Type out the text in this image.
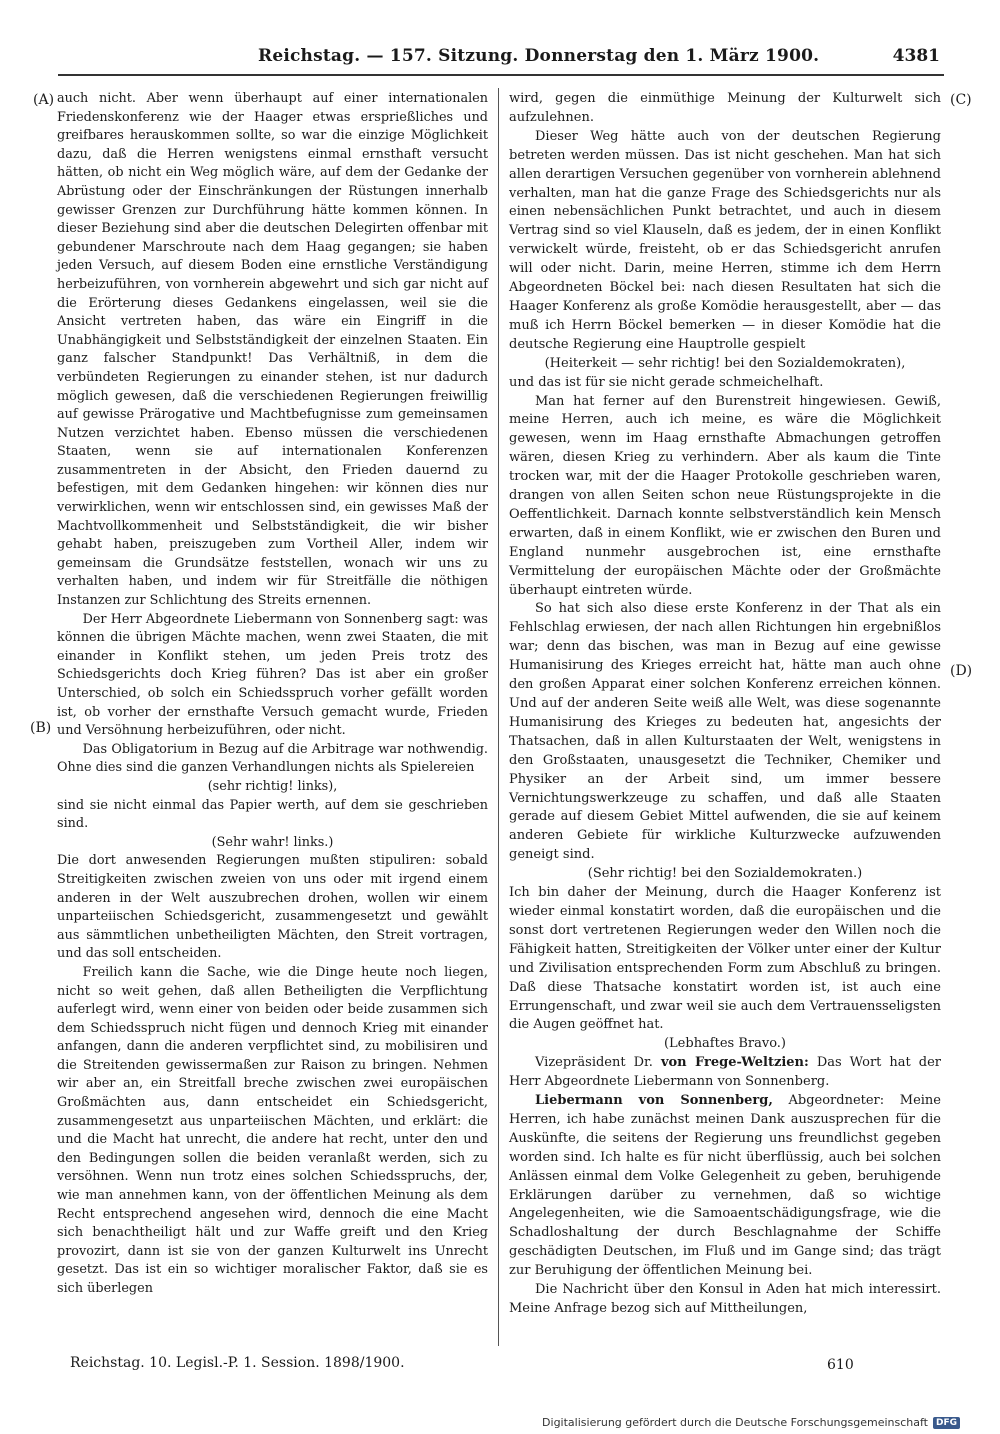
Reichstag. — 157. Sitzung. Donnerstag den 1. März 1900.	4381
(A)
(B)
(C)
(D)

auch nicht. Aber wenn überhaupt auf einer internationalen Friedenskonferenz wie der Haager etwas ersprießliches und greifbares herauskommen sollte, so war die einzige Möglichkeit dazu, daß die Herren wenigstens einmal ernsthaft versucht hätten, ob nicht ein Weg möglich wäre, auf dem der Gedanke der Abrüstung oder der Einschränkungen der Rüstungen innerhalb gewisser Grenzen zur Durchführung hätte kommen können. In dieser Beziehung sind aber die deutschen Delegirten offenbar mit gebundener Marschroute nach dem Haag gegangen; sie haben jeden Versuch, auf diesem Boden eine ernstliche Verständigung herbeizuführen, von vornherein abgewehrt und sich gar nicht auf die Erörterung dieses Gedankens eingelassen, weil sie die Ansicht vertreten haben, das wäre ein Eingriff in die Unabhängigkeit und Selbstständigkeit der einzelnen Staaten. Ein ganz falscher Standpunkt! Das Verhältniß, in dem die verbündeten Regierungen zu einander stehen, ist nur dadurch möglich gewesen, daß die verschiedenen Regierungen freiwillig auf gewisse Prärogative und Machtbefugnisse zum gemeinsamen Nutzen verzichtet haben. Ebenso müssen die verschiedenen Staaten, wenn sie auf internationalen Konferenzen zusammentreten in der Absicht, den Frieden dauernd zu befestigen, mit dem Gedanken hingehen: wir können dies nur verwirklichen, wenn wir entschlossen sind, ein gewisses Maß der Machtvollkommenheit und Selbstständigkeit, die wir bisher gehabt haben, preiszugeben zum Vortheil Aller, indem wir gemeinsam die Grundsätze feststellen, wonach wir uns zu verhalten haben, und indem wir für Streitfälle die nöthigen Instanzen zur Schlichtung des Streits ernennen.

Der Herr Abgeordnete Liebermann von Sonnenberg sagt: was können die übrigen Mächte machen, wenn zwei Staaten, die mit einander in Konflikt stehen, um jeden Preis trotz des Schiedsgerichts doch Krieg führen? Das ist aber ein großer Unterschied, ob solch ein Schiedsspruch vorher gefällt worden ist, ob vorher der ernsthafte Versuch gemacht wurde, Frieden und Versöhnung herbeizuführen, oder nicht.

Das Obligatorium in Bezug auf die Arbitrage war nothwendig. Ohne dies sind die ganzen Verhandlungen nichts als Spielereien

(sehr richtig! links),

sind sie nicht einmal das Papier werth, auf dem sie geschrieben sind.

(Sehr wahr! links.)

Die dort anwesenden Regierungen mußten stipuliren: sobald Streitigkeiten zwischen zweien von uns oder mit irgend einem anderen in der Welt auszubrechen drohen, wollen wir einem unparteiischen Schiedsgericht, zusammengesetzt und gewählt aus sämmtlichen unbetheiligten Mächten, den Streit vortragen, und das soll entscheiden.

Freilich kann die Sache, wie die Dinge heute noch liegen, nicht so weit gehen, daß allen Betheiligten die Verpflichtung auferlegt wird, wenn einer von beiden oder beide zusammen sich dem Schiedsspruch nicht fügen und dennoch Krieg mit einander anfangen, dann die anderen verpflichtet sind, zu mobilisiren und die Streitenden gewissermaßen zur Raison zu bringen. Nehmen wir aber an, ein Streitfall breche zwischen zwei europäischen Großmächten aus, dann entscheidet ein Schiedsgericht, zusammengesetzt aus unparteiischen Mächten, und erklärt: die und die Macht hat unrecht, die andere hat recht, unter den und den Bedingungen sollen die beiden veranlaßt werden, sich zu versöhnen. Wenn nun trotz eines solchen Schiedsspruchs, der, wie man annehmen kann, von der öffentlichen Meinung als dem Recht entsprechend angesehen wird, dennoch die eine Macht sich benachtheiligt hält und zur Waffe greift und den Krieg provozirt, dann ist sie von der ganzen Kulturwelt ins Unrecht gesetzt. Das ist ein so wichtiger moralischer Faktor, daß sie es sich überlegen

wird, gegen die einmüthige Meinung der Kulturwelt sich aufzulehnen.

Dieser Weg hätte auch von der deutschen Regierung betreten werden müssen. Das ist nicht geschehen. Man hat sich allen derartigen Versuchen gegenüber von vornherein ablehnend verhalten, man hat die ganze Frage des Schiedsgerichts nur als einen nebensächlichen Punkt betrachtet, und auch in diesem Vertrag sind so viel Klauseln, daß es jedem, der in einen Konflikt verwickelt würde, freisteht, ob er das Schiedsgericht anrufen will oder nicht. Darin, meine Herren, stimme ich dem Herrn Abgeordneten Böckel bei: nach diesen Resultaten hat sich die Haager Konferenz als große Komödie herausgestellt, aber — das muß ich Herrn Böckel bemerken — in dieser Komödie hat die deutsche Regierung eine Hauptrolle gespielt

(Heiterkeit — sehr richtig! bei den Sozialdemokraten),

und das ist für sie nicht gerade schmeichelhaft.

Man hat ferner auf den Burenstreit hingewiesen. Gewiß, meine Herren, auch ich meine, es wäre die Möglichkeit gewesen, wenn im Haag ernsthafte Abmachungen getroffen wären, diesen Krieg zu verhindern. Aber als kaum die Tinte trocken war, mit der die Haager Protokolle geschrieben waren, drangen von allen Seiten schon neue Rüstungsprojekte in die Oeffentlichkeit. Darnach konnte selbstverständlich kein Mensch erwarten, daß in einem Konflikt, wie er zwischen den Buren und England nunmehr ausgebrochen ist, eine ernsthafte Vermittelung der europäischen Mächte oder der Großmächte überhaupt eintreten würde.

So hat sich also diese erste Konferenz in der That als ein Fehlschlag erwiesen, der nach allen Richtungen hin ergebnißlos war; denn das bischen, was man in Bezug auf eine gewisse Humanisirung des Krieges erreicht hat, hätte man auch ohne den großen Apparat einer solchen Konferenz erreichen können. Und auf der anderen Seite weiß alle Welt, was diese sogenannte Humanisirung des Krieges zu bedeuten hat, angesichts der Thatsachen, daß in allen Kulturstaaten der Welt, wenigstens in den Großstaaten, unausgesetzt die Techniker, Chemiker und Physiker an der Arbeit sind, um immer bessere Vernichtungswerkzeuge zu schaffen, und daß alle Staaten gerade auf diesem Gebiet Mittel aufwenden, die sie auf keinem anderen Gebiete für wirkliche Kulturzwecke aufzuwenden geneigt sind.

(Sehr richtig! bei den Sozialdemokraten.)

Ich bin daher der Meinung, durch die Haager Konferenz ist wieder einmal konstatirt worden, daß die europäischen und die sonst dort vertretenen Regierungen weder den Willen noch die Fähigkeit hatten, Streitigkeiten der Völker unter einer der Kultur und Zivilisation entsprechenden Form zum Abschluß zu bringen. Daß diese Thatsache konstatirt worden ist, ist auch eine Errungenschaft, und zwar weil sie auch dem Vertrauensseligsten die Augen geöffnet hat.

(Lebhaftes Bravo.)

Vizepräsident Dr. von Frege-Weltzien: Das Wort hat der Herr Abgeordnete Liebermann von Sonnenberg.

Liebermann von Sonnenberg, Abgeordneter: Meine Herren, ich habe zunächst meinen Dank auszusprechen für die Auskünfte, die seitens der Regierung uns freundlichst gegeben worden sind. Ich halte es für nicht überflüssig, auch bei solchen Anlässen einmal dem Volke Gelegenheit zu geben, beruhigende Erklärungen darüber zu vernehmen, daß so wichtige Angelegenheiten, wie die Samoaentschädigungsfrage, wie die Schadloshaltung der durch Beschlagnahme der Schiffe geschädigten Deutschen, im Fluß und im Gange sind; das trägt zur Beruhigung der öffentlichen Meinung bei.

Die Nachricht über den Konsul in Aden hat mich interessirt. Meine Anfrage bezog sich auf Mittheilungen,

Reichstag. 10. Legisl.-P. 1. Session. 1898/1900.	610
Digitalisierung gefördert durch die Deutsche Forschungsgemeinschaft DFG
